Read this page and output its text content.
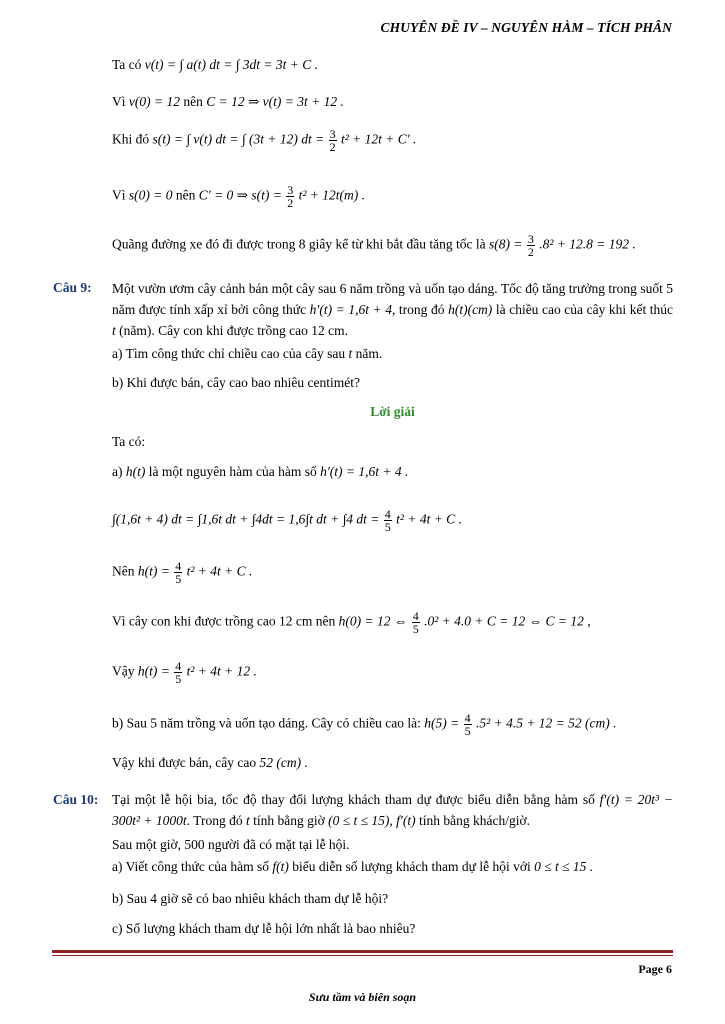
CHUYÊN ĐỀ IV – NGUYÊN HÀM – TÍCH PHÂN
Ta có v(t) = ∫ a(t) dt = ∫ 3dt = 3t + C .
Vì v(0) = 12 nên C = 12 ⇒ v(t) = 3t + 12 .
Khi đó s(t) = ∫ v(t) dt = ∫ (3t + 12) dt = $\frac{3}{2} t^2 + 12t + C'$ .
Vì s(0) = 0 nên C′ = 0 ⇒ $s(t) = \frac{3}{2} t^2 + 12t(m)$ .
Quãng đường xe đó đi được trong 8 giây kể từ khi bắt đầu tăng tốc là $s(8) = \frac{3}{2} .8^2 + 12.8 = 192$ .
Câu 9: Một vườn ươm cây cảnh bán một cây sau 6 năm trồng và uốn tạo dáng. Tốc độ tăng trưởng trong suốt 5 năm được tính xấp xỉ bởi công thức h′(t) = 1,6t + 4, trong đó h(t)(cm) là chiều cao của cây khi kết thúc t (năm). Cây con khi được trồng cao 12 cm.
a) Tìm công thức chỉ chiều cao của cây sau t năm.
b) Khi được bán, cây cao bao nhiêu centimét?
Lời giải
Ta có:
a) h(t) là một nguyên hàm của hàm số h′(t) = 1,6t + 4 .
∫(1,6t + 4) dt = ∫1,6t dt + ∫4dt = 1,6∫t dt + ∫4 dt = $\frac{4}{5} t^2 + 4t + C$ .
Nên $h(t) = \frac{4}{5} t^2 + 4t + C$ .
Vì cây con khi được trồng cao 12 cm nên h(0) = 12 ⇔ $\frac{4}{5} .0^2 + 4.0 + C = 12$ ⇔ C = 12 ,
Vậy $h(t) = \frac{4}{5} t^2 + 4t + 12$ .
b) Sau 5 năm trồng và uốn tạo dáng. Cây có chiều cao là: $h(5) = \frac{4}{5} .5^2 + 4.5 + 12 = 52$ (cm) .
Vậy khi được bán, cây cao 52 (cm) .
Câu 10: Tại một lễ hội bia, tốc độ thay đổi lượng khách tham dự được biểu diễn bằng hàm số f′(t) = 20t³ − 300t² + 1000t. Trong đó t tính bằng giờ (0 ≤ t ≤ 15), f′(t) tính bằng khách/giờ.
Sau một giờ, 500 người đã có mặt tại lễ hội.
a) Viết công thức của hàm số f(t) biểu diễn số lượng khách tham dự lễ hội với 0 ≤ t ≤ 15 .
b) Sau 4 giờ sẽ có bao nhiêu khách tham dự lễ hội?
c) Số lượng khách tham dự lễ hội lớn nhất là bao nhiêu?
Page 6
Sưu tầm và biên soạn
